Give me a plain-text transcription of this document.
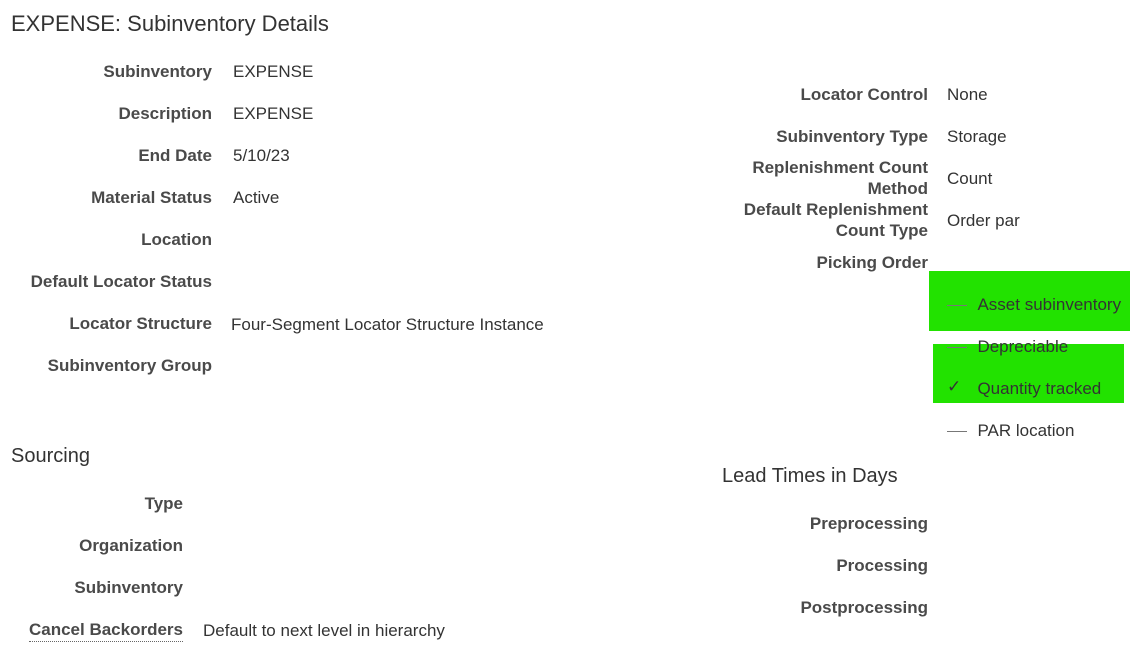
EXPENSE: Subinventory Details
Subinventory EXPENSE
Description EXPENSE
End Date 5/10/23
Material Status Active
Location
Default Locator Status
Locator Structure Four-Segment Locator Structure Instance
Subinventory Group
Locator Control None
Subinventory Type Storage
Replenishment Count
Method
Count
Default Replenishment
Count Type
Order par
Picking Order
Asset subinventory
Depreciable
✓ Quantity tracked
PAR location
Sourcing
Type
Organization
Subinventory
Cancel Backorders Default to next level in hierarchy
Lead Times in Days
Preprocessing
Processing
Postprocessing
